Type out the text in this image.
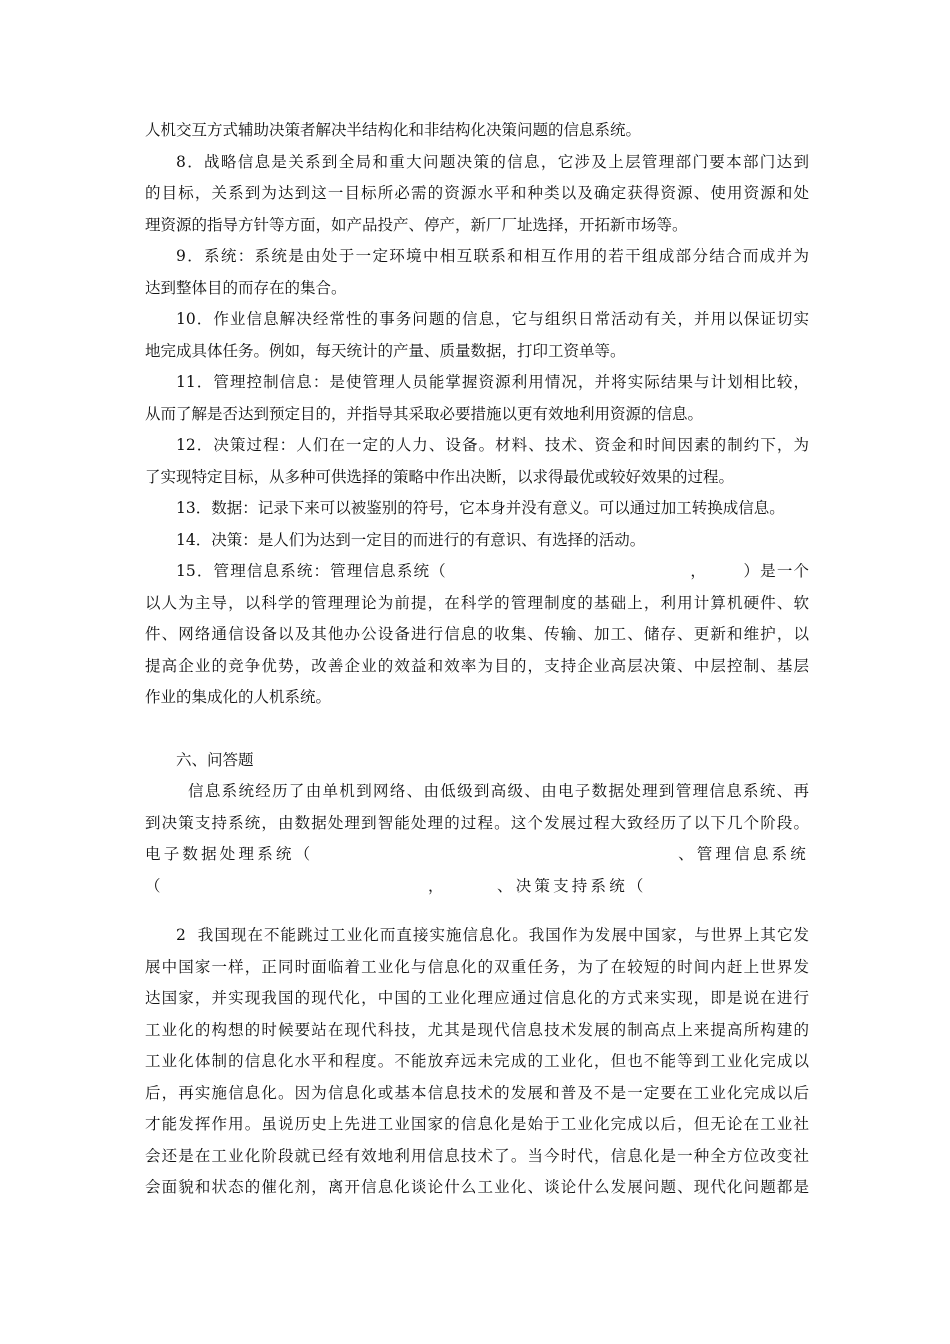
人机交互方式辅助决策者解决半结构化和非结构化决策问题的信息系统。
8．战略信息是关系到全局和重大问题决策的信息，它涉及上层管理部门要本部门达到
的目标，关系到为达到这一目标所必需的资源水平和种类以及确定获得资源、使用资源和处
理资源的指导方针等方面，如产品投产、停产，新厂厂址选择，开拓新市场等。
9．系统：系统是由处于一定环境中相互联系和相互作用的若干组成部分结合而成并为
达到整体目的而存在的集合。
10．作业信息解决经常性的事务问题的信息，它与组织日常活动有关，并用以保证切实
地完成具体任务。例如，每天统计的产量、质量数据，打印工资单等。
11．管理控制信息：是使管理人员能掌握资源利用情况，并将实际结果与计划相比较，
从而了解是否达到预定目的，并指导其采取必要措施以更有效地利用资源的信息。
12．决策过程：人们在一定的人力、设备。材料、技术、资金和时间因素的制约下，为
了实现特定目标，从多种可供选择的策略中作出决断，以求得最优或较好效果的过程。
13．数据：记录下来可以被鉴别的符号，它本身并没有意义。可以通过加工转换成信息。
14．决策：是人们为达到一定目的而进行的有意识、有选择的活动。
15．管理信息系统：管理信息系统（                                        ，      ）是一个
以人为主导，以科学的管理理论为前提，在科学的管理制度的基础上，利用计算机硬件、软
件、网络通信设备以及其他办公设备进行信息的收集、传输、加工、储存、更新和维护，以
提高企业的竞争优势，改善企业的效益和效率为目的，支持企业高层决策、中层控制、基层
作业的集成化的人机系统。
六、问答题
信息系统经历了由单机到网络、由低级到高级、由电子数据处理到管理信息系统、再
到决策支持系统，由数据处理到智能处理的过程。这个发展过程大致经历了以下几个阶段。
电子数据处理系统（	、管理信息系统
（	，	、决策支持系统（
2  我国现在不能跳过工业化而直接实施信息化。我国作为发展中国家，与世界上其它发
展中国家一样，正同时面临着工业化与信息化的双重任务，为了在较短的时间内赶上世界发
达国家，并实现我国的现代化，中国的工业化理应通过信息化的方式来实现，即是说在进行
工业化的构想的时候要站在现代科技，尤其是现代信息技术发展的制高点上来提高所构建的
工业化体制的信息化水平和程度。不能放弃远未完成的工业化，但也不能等到工业化完成以
后，再实施信息化。因为信息化或基本信息技术的发展和普及不是一定要在工业化完成以后
才能发挥作用。虽说历史上先进工业国家的信息化是始于工业化完成以后，但无论在工业社
会还是在工业化阶段就已经有效地利用信息技术了。当今时代，信息化是一种全方位改变社
会面貌和状态的催化剂，离开信息化谈论什么工业化、谈论什么发展问题、现代化问题都是
